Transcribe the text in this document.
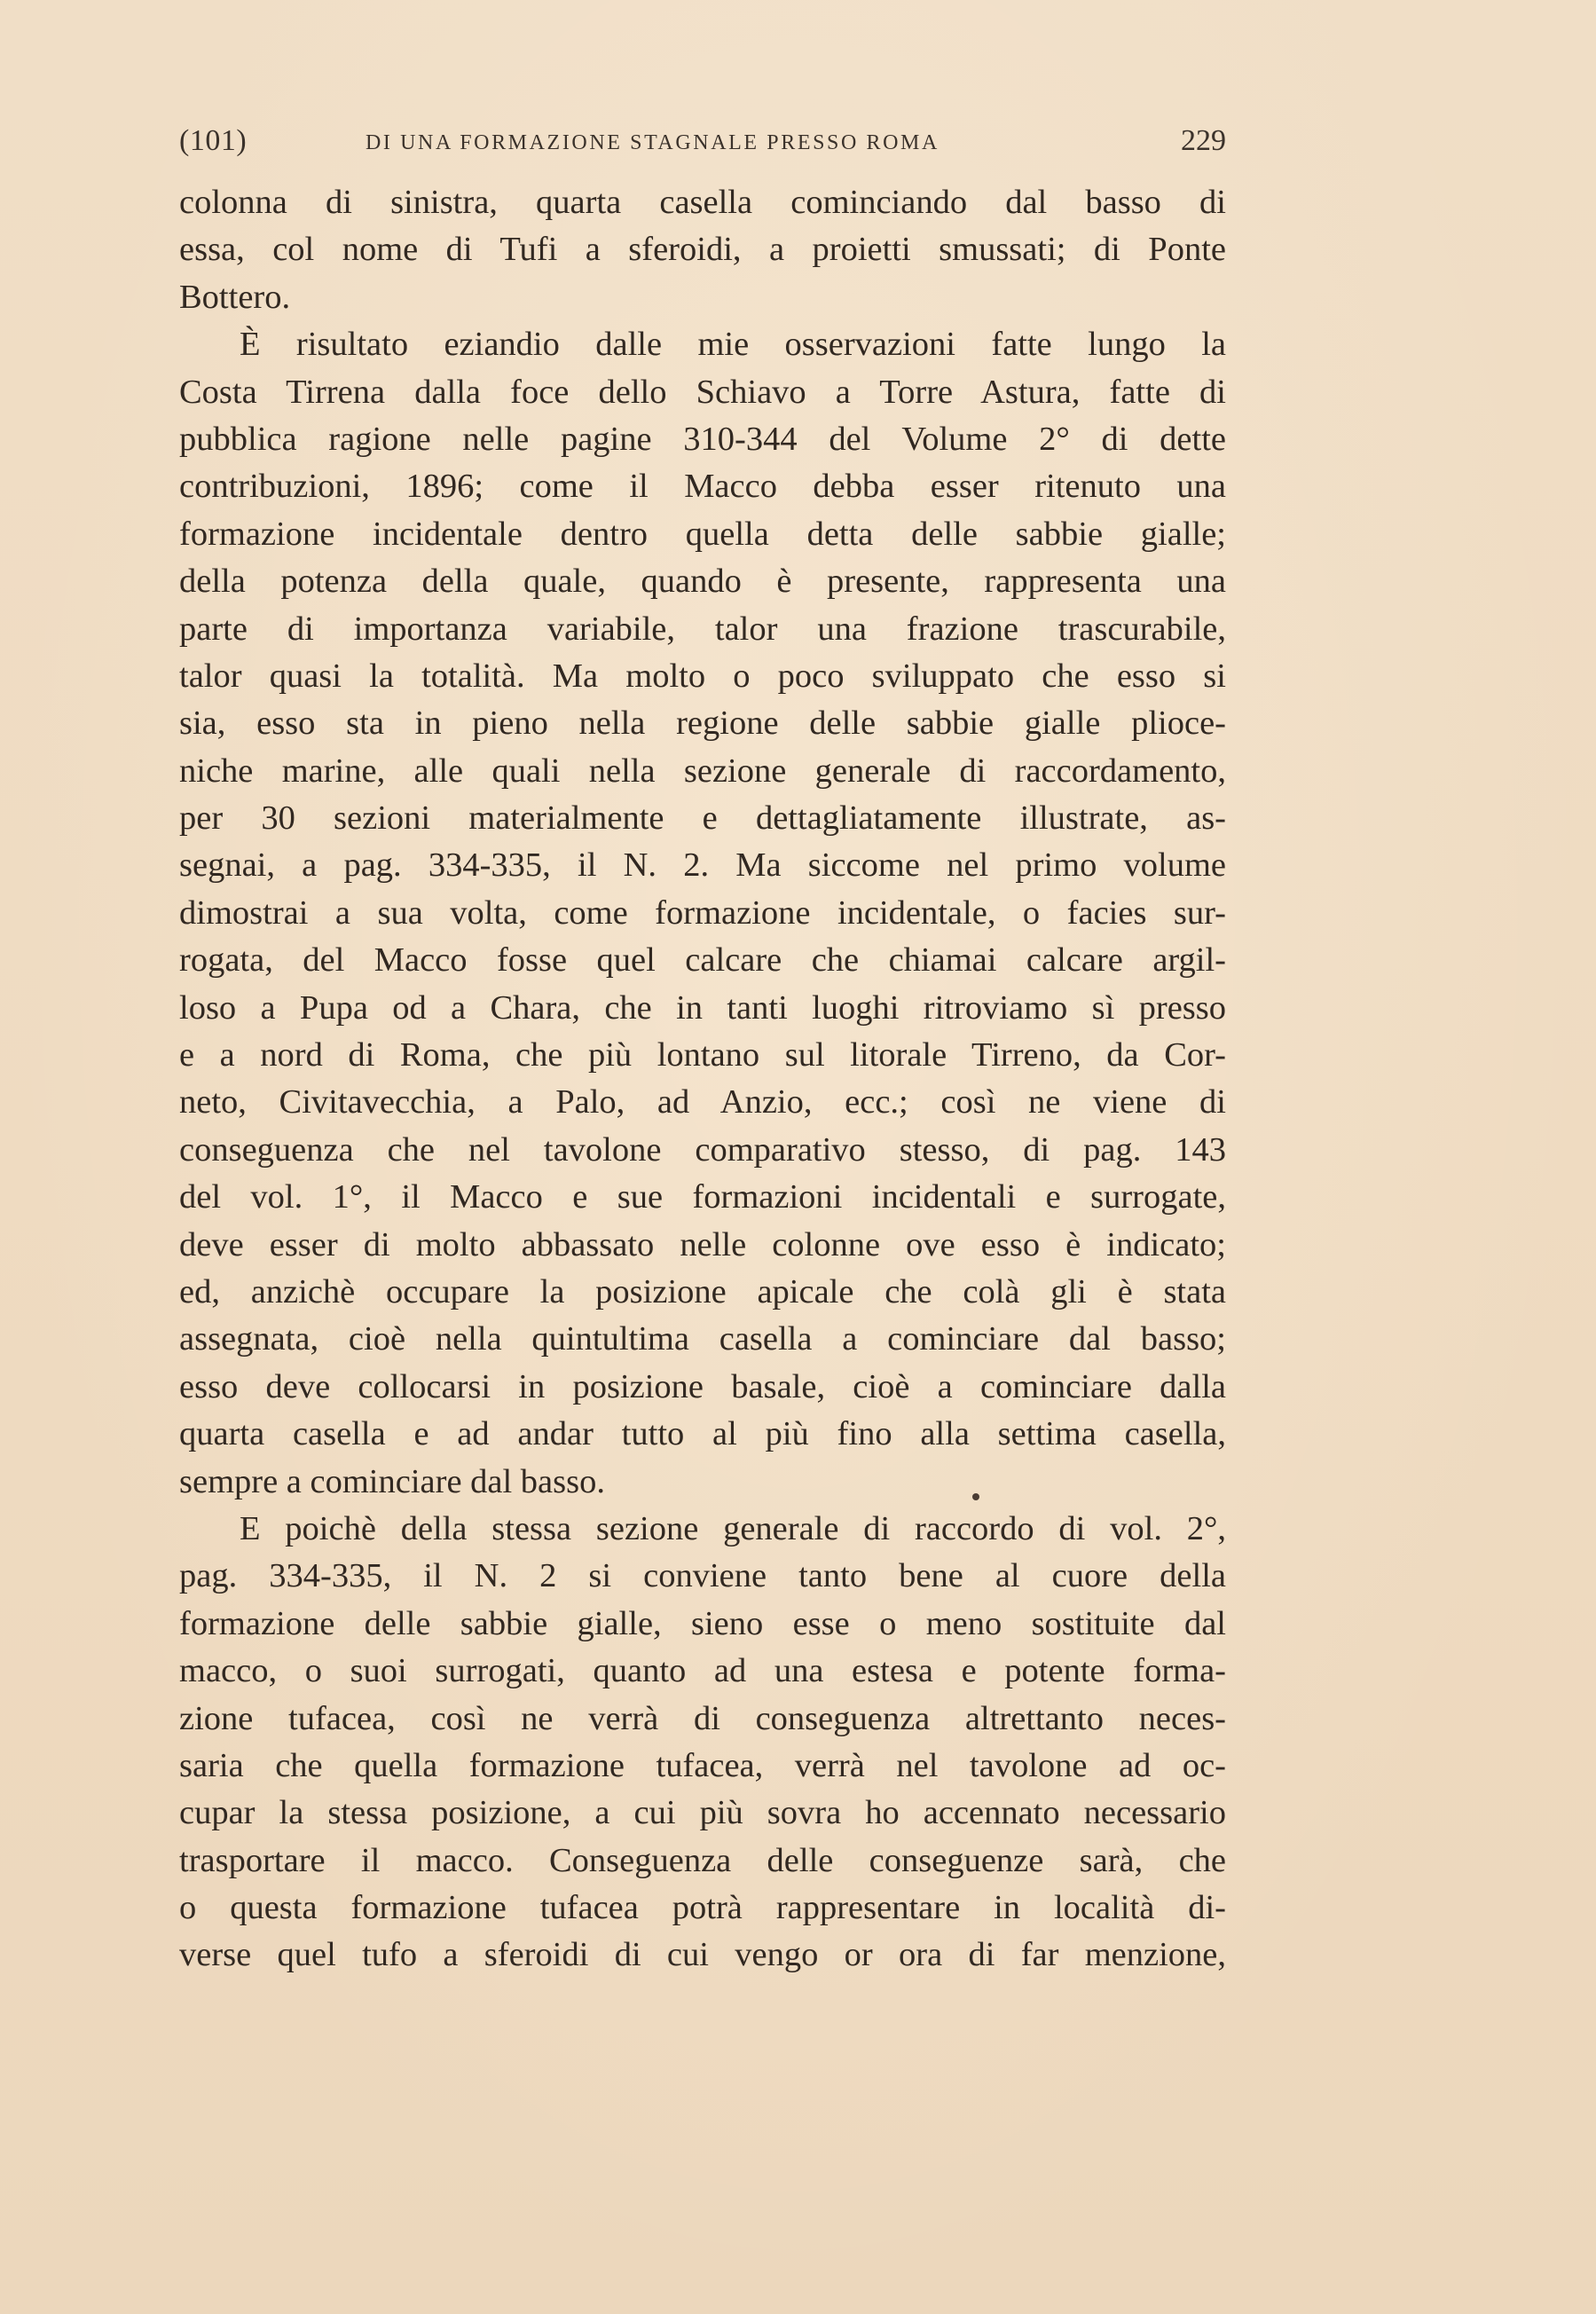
(101)	DI UNA FORMAZIONE STAGNALE PRESSO ROMA	229
colonna di sinistra, quarta casella cominciando dal basso di
essa, col nome di Tufi a sferoidi, a proietti smussati; di Ponte
Bottero.
È risultato eziandio dalle mie osservazioni fatte lungo la
Costa Tirrena dalla foce dello Schiavo a Torre Astura, fatte di
pubblica ragione nelle pagine 310-344 del Volume 2° di dette
contribuzioni, 1896; come il Macco debba esser ritenuto una
formazione incidentale dentro quella detta delle sabbie gialle;
della potenza della quale, quando è presente, rappresenta una
parte di importanza variabile, talor una frazione trascurabile,
talor quasi la totalità. Ma molto o poco sviluppato che esso si
sia, esso sta in pieno nella regione delle sabbie gialle plioce-
niche marine, alle quali nella sezione generale di raccordamento,
per 30 sezioni materialmente e dettagliatamente illustrate, as-
segnai, a pag. 334-335, il N. 2. Ma siccome nel primo volume
dimostrai a sua volta, come formazione incidentale, o facies sur-
rogata, del Macco fosse quel calcare che chiamai calcare argil-
loso a Pupa od a Chara, che in tanti luoghi ritroviamo sì presso
e a nord di Roma, che più lontano sul litorale Tirreno, da Cor-
neto, Civitavecchia, a Palo, ad Anzio, ecc.; così ne viene di
conseguenza che nel tavolone comparativo stesso, di pag. 143
del vol. 1°, il Macco e sue formazioni incidentali e surrogate,
deve esser di molto abbassato nelle colonne ove esso è indicato;
ed, anzichè occupare la posizione apicale che colà gli è stata
assegnata, cioè nella quintultima casella a cominciare dal basso;
esso deve collocarsi in posizione basale, cioè a cominciare dalla
quarta casella e ad andar tutto al più fino alla settima casella,
sempre a cominciare dal basso.
E poichè della stessa sezione generale di raccordo di vol. 2°,
pag. 334-335, il N. 2 si conviene tanto bene al cuore della
formazione delle sabbie gialle, sieno esse o meno sostituite dal
macco, o suoi surrogati, quanto ad una estesa e potente forma-
zione tufacea, così ne verrà di conseguenza altrettanto neces-
saria che quella formazione tufacea, verrà nel tavolone ad oc-
cupar la stessa posizione, a cui più sovra ho accennato necessario
trasportare il macco. Conseguenza delle conseguenze sarà, che
o questa formazione tufacea potrà rappresentare in località di-
verse quel tufo a sferoidi di cui vengo or ora di far menzione,
